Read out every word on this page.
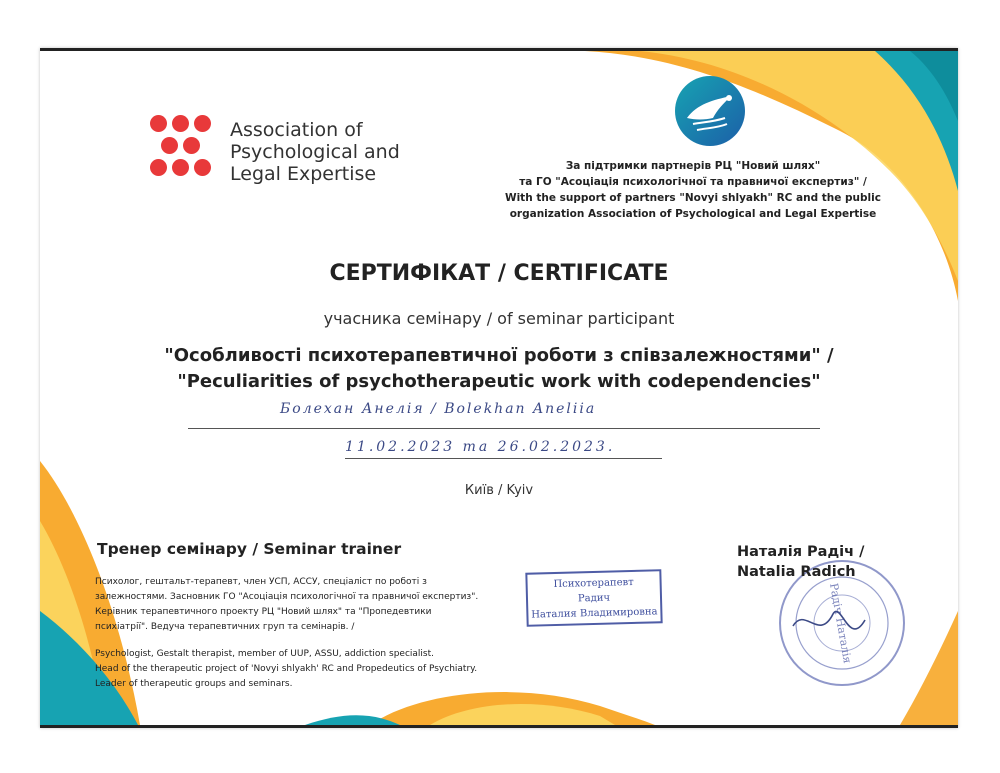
Association of
Psychological and
Legal Expertise	За підтримки партнерів РЦ "Новий шлях"
та ГО "Асоціація психологічної та правничої експертиз" /
With the support of partners "Novyi shlyakh" RC and the public
organization Association of Psychological and Legal Expertise
СЕРТИФІКАТ / CERTIFICATE
учасника семінару / of seminar participant
"Особливості психотерапевтичної роботи з співзалежностями" /
"Peculiarities of psychotherapeutic work with codependencies"
Болехан Анелія / Bolekhan Aneliia
11.02.2023 та 26.02.2023.
Київ / Kyiv
Тренер семінару / Seminar trainer
Психолог, гештальт-терапевт, член УСП, АССУ, спеціаліст по роботі з
залежностями. Засновник ГО "Асоціація психологічної та правничої експертиз".
Керівник терапевтичного проекту РЦ "Новий шлях" та "Пропедевтики
психіатрії". Ведуча терапевтичних груп та семінарів. /
Psychologist, Gestalt therapist, member of UUP, ASSU, addiction specialist.
Head of the therapeutic project of 'Novyi shlyakh' RC and Propedeutics of Psychiatry.
Leader of therapeutic groups and seminars.
Психотерапевт
Радич
Наталия Владимировна	Радіч Наталія
Наталія Радіч /
Natalia Radich
